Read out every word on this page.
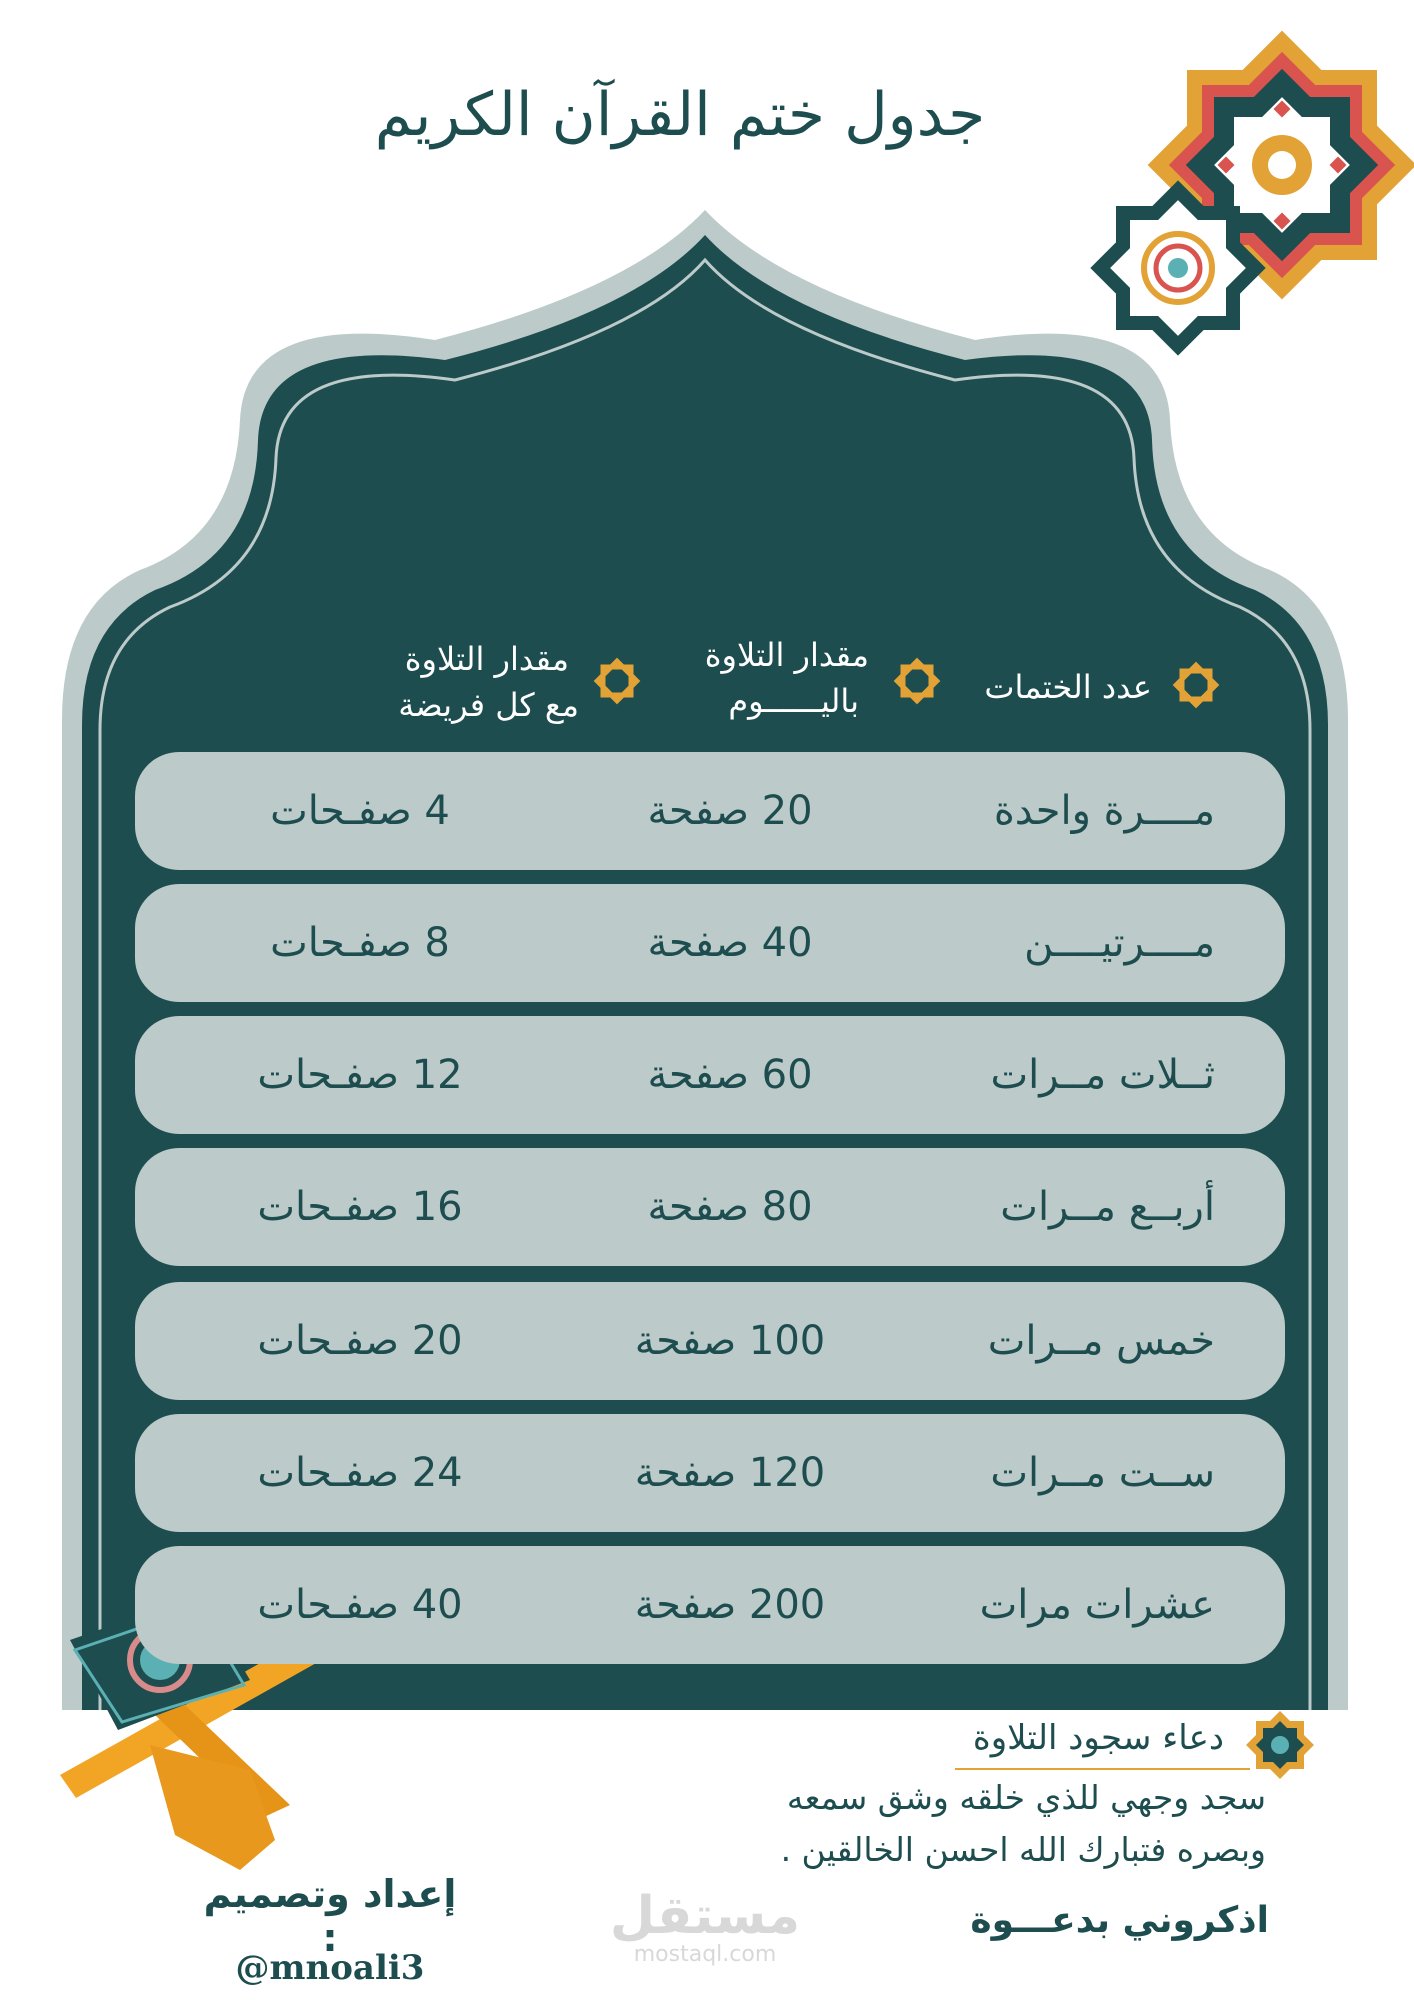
جدول ختم القرآن الكريم
عدد الختمات
مقدار التلاوة
باليــــــوم
مقدار التلاوة
مع كل فريضة
مــــرة واحدة
20 صفحة
4 صفـحات
مــــرتيــــن
40 صفحة
8 صفـحات
ثــلات مــرات
60 صفحة
12 صفـحات
أربــع مــرات
80 صفحة
16 صفـحات
خمس مــرات
100 صفحة
20 صفـحات
ســت مــرات
120 صفحة
24 صفـحات
عشرات مرات
200 صفحة
40 صفـحات
دعاء سجود التلاوة
سجد وجهي للذي خلقه وشق سمعه
وبصره فتبارك الله احسن الخالقين .
اذكروني بدعـــوة
مستقل
mostaql.com
إعداد وتصميم :
@mnoali3
